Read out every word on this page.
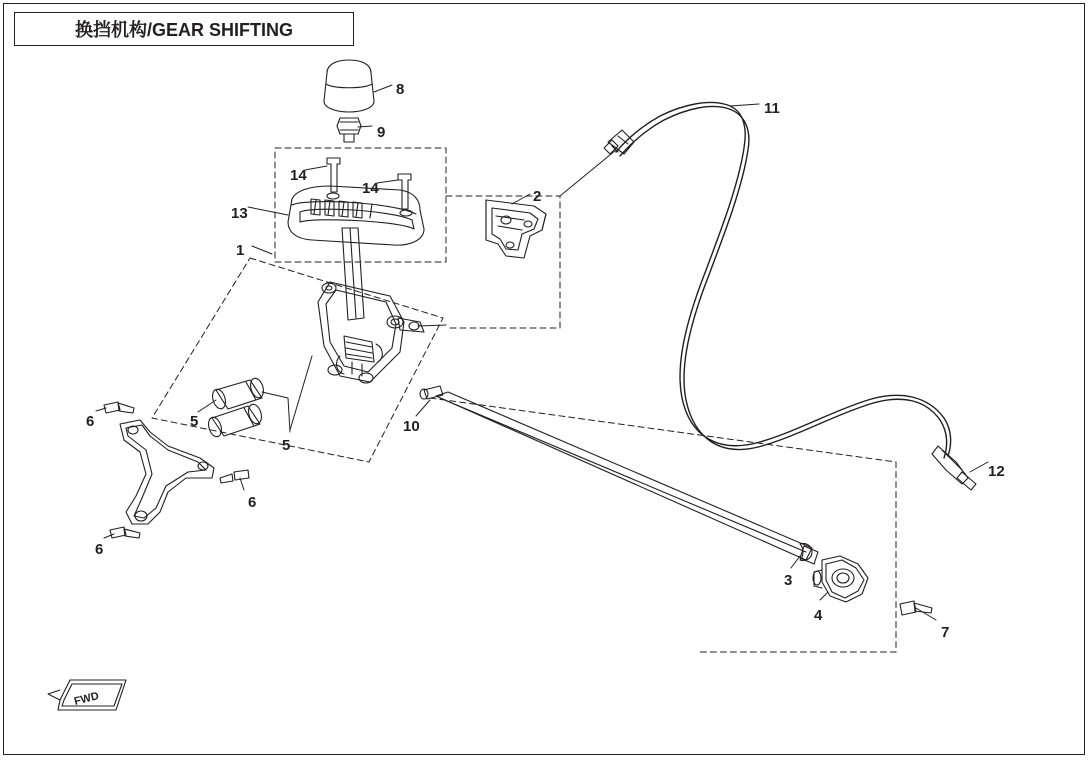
换挡机构/GEAR SHIFTING
1
2
3
4
5
5
6
6
6
7
8
9
10
11
12
13
14
14
FWD
